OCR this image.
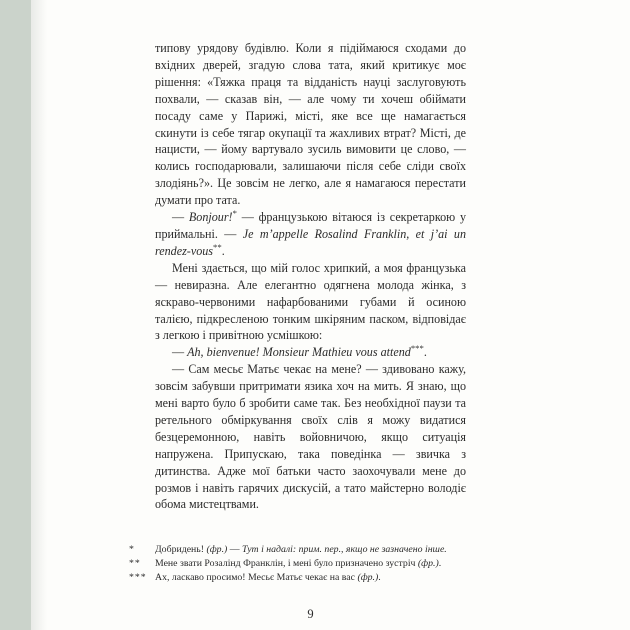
типову урядову будівлю. Коли я підіймаюся сходами до вхідних дверей, згадую слова тата, який критикує моє рішення: «Тяжка праця та відданість науці заслуговують похвали, — сказав він, — але чому ти хочеш обіймати посаду саме у Парижі, місті, яке все ще намагається скинути із себе тягар окупації та жахливих втрат? Місті, де нацисти, — йому вартувало зусиль вимовити це слово, — колись господарювали, залишаючи після себе сліди своїх злодіянь?». Це зовсім не легко, але я намагаюся перестати думати про тата.

— Bonjour!* — французькою вітаюся із секретаркою у приймальні. — Je m’appelle Rosalind Franklin, et j’ai un rendez-vous**.

Мені здається, що мій голос хрипкий, а моя французька — невиразна. Але елегантно одягнена молода жінка, з яскраво-червоними нафарбованими губами й осиною талією, підкресленою тонким шкіряним паском, відповідає з легкою і привітною усмішкою:

— Ah, bienvenue! Monsieur Mathieu vous attend***.

— Сам месьє Матьє чекає на мене? — здивовано кажу, зовсім забувши притримати язика хоч на мить. Я знаю, що мені варто було б зробити саме так. Без необхідної паузи та ретельного обміркування своїх слів я можу видатися безцеремонною, навіть войовничою, якщо ситуація напружена. Припускаю, така поведінка — звичка з дитинства. Адже мої батьки часто заохочували мене до розмов і навіть гарячих дискусій, а тато майстерно володіє обома мистецтвами.

*	Добридень! (фр.) — Тут і надалі: прим. пер., якщо не зазначено інше.
**	Мене звати Розалінд Франклін, і мені було призначено зустріч (фр.).
*** Ах, ласкаво просимо! Месьє Матьє чекає на вас (фр.).
9
